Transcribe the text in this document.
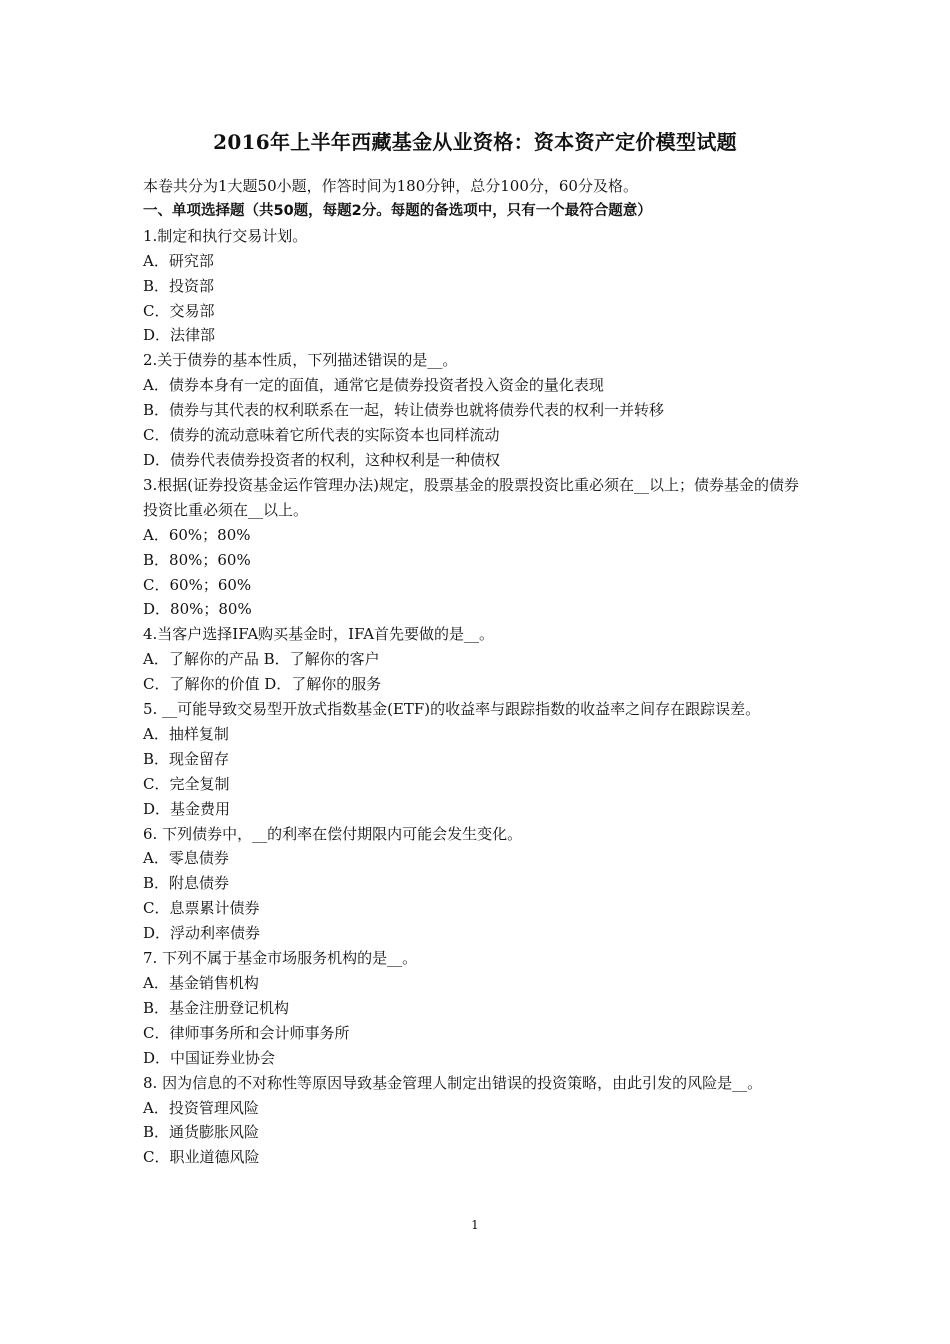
2016年上半年西藏基金从业资格：资本资产定价模型试题

本卷共分为1大题50小题，作答时间为180分钟，总分100分，60分及格。

一、单项选择题（共50题，每题2分。每题的备选项中，只有一个最符合题意）

1.制定和执行交易计划。

A．研究部

B．投资部

C．交易部

D．法律部

2.关于债券的基本性质，下列描述错误的是__。

A．债券本身有一定的面值，通常它是债券投资者投入资金的量化表现

B．债券与其代表的权利联系在一起，转让债券也就将债券代表的权利一并转移

C．债券的流动意味着它所代表的实际资本也同样流动

D．债券代表债券投资者的权利，这种权利是一种债权

3.根据(证券投资基金运作管理办法)规定，股票基金的股票投资比重必须在__以上；债券基金的债券投资比重必须在__以上。

A．60%；80%

B．80%；60%

C．60%；60%

D．80%；80%

4.当客户选择IFA购买基金时，IFA首先要做的是__。

A．了解你的产品 B．了解你的客户

C．了解你的价值 D．了解你的服务

5. __可能导致交易型开放式指数基金(ETF)的收益率与跟踪指数的收益率之间存在跟踪误差。

A．抽样复制

B．现金留存

C．完全复制

D．基金费用

6. 下列债券中，__的利率在偿付期限内可能会发生变化。

A．零息债券

B．附息债券

C．息票累计债券

D．浮动利率债券

7. 下列不属于基金市场服务机构的是__。

A．基金销售机构

B．基金注册登记机构

C．律师事务所和会计师事务所

D．中国证券业协会

8. 因为信息的不对称性等原因导致基金管理人制定出错误的投资策略，由此引发的风险是__。

A．投资管理风险

B．通货膨胀风险

C．职业道德风险

1
